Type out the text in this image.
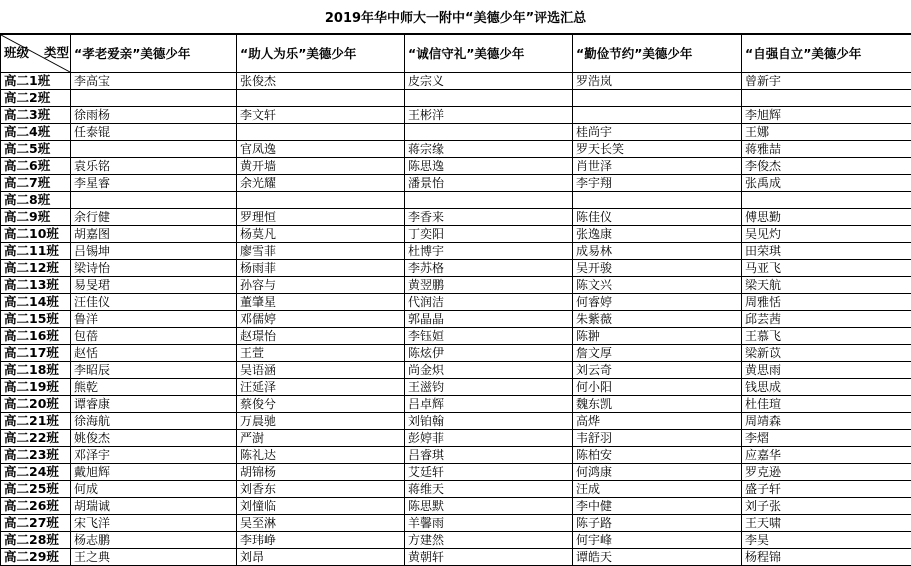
2019年华中师大一附中“美德少年”评选汇总
班级 类型	“孝老爱亲”美德少年	“助人为乐”美德少年	“诚信守礼”美德少年	“勤俭节约”美德少年	“自强自立”美德少年
高二1班	李高宝	张俊杰	皮宗义	罗浩岚	曾新宇
高二2班					
高二3班	徐雨杨	李文轩	王彬洋		李旭辉
高二4班	任泰锟			桂尚宇	王娜
高二5班		官凤逸	蒋宗缘	罗天长笑	蒋雅喆
高二6班	袁乐铭	黄开墙	陈思逸	肖世泽	李俊杰
高二7班	李星睿	余光耀	潘景怡	李宇翔	张禹成
高二8班					
高二9班	余行健	罗理恒	李香来	陈佳仪	傅思勤
高二10班	胡嘉图	杨莫凡	丁奕阳	张逸康	吴见灼
高二11班	吕锡坤	廖雪菲	杜博宇	成易林	田荣琪
高二12班	梁诗怡	杨雨菲	李苏格	吴开骏	马亚飞
高二13班	易旻珺	孙容与	黄翌鹏	陈文兴	梁天航
高二14班	汪佳仪	董肇星	代润洁	何睿婷	周雅恬
高二15班	鲁洋	邓儒婷	郭晶晶	朱紫薇	邱芸茜
高二16班	包蓓	赵璟怡	李钰姮	陈翀	王慕飞
高二17班	赵恬	王萱	陈炫伊	詹文厚	梁新苡
高二18班	李昭辰	吴语涵	尚金炽	刘云奇	黄思雨
高二19班	熊乾	汪延泽	王滋钧	何小阳	钱思成
高二20班	谭睿康	蔡俊兮	吕卓辉	魏东凯	杜佳瑄
高二21班	徐海航	万晨驰	刘铂翰	高烨	周靖森
高二22班	姚俊杰	严澍	彭婷菲	韦舒羽	李熠
高二23班	邓泽宇	陈礼达	吕睿琪	陈柏安	应嘉华
高二24班	戴旭辉	胡锦杨	艾廷轩	何鸿康	罗克逊
高二25班	何成	刘香东	蒋维天	汪成	盛子轩
高二26班	胡瑞诚	刘憧临	陈思默	李中健	刘子张
高二27班	宋飞洋	吴至淋	羊馨雨	陈子路	王天啸
高二28班	杨志鹏	李玮峥	方建然	何宇峰	李昊
高二29班	王之典	刘昂	黄朝轩	谭皓天	杨程锦
